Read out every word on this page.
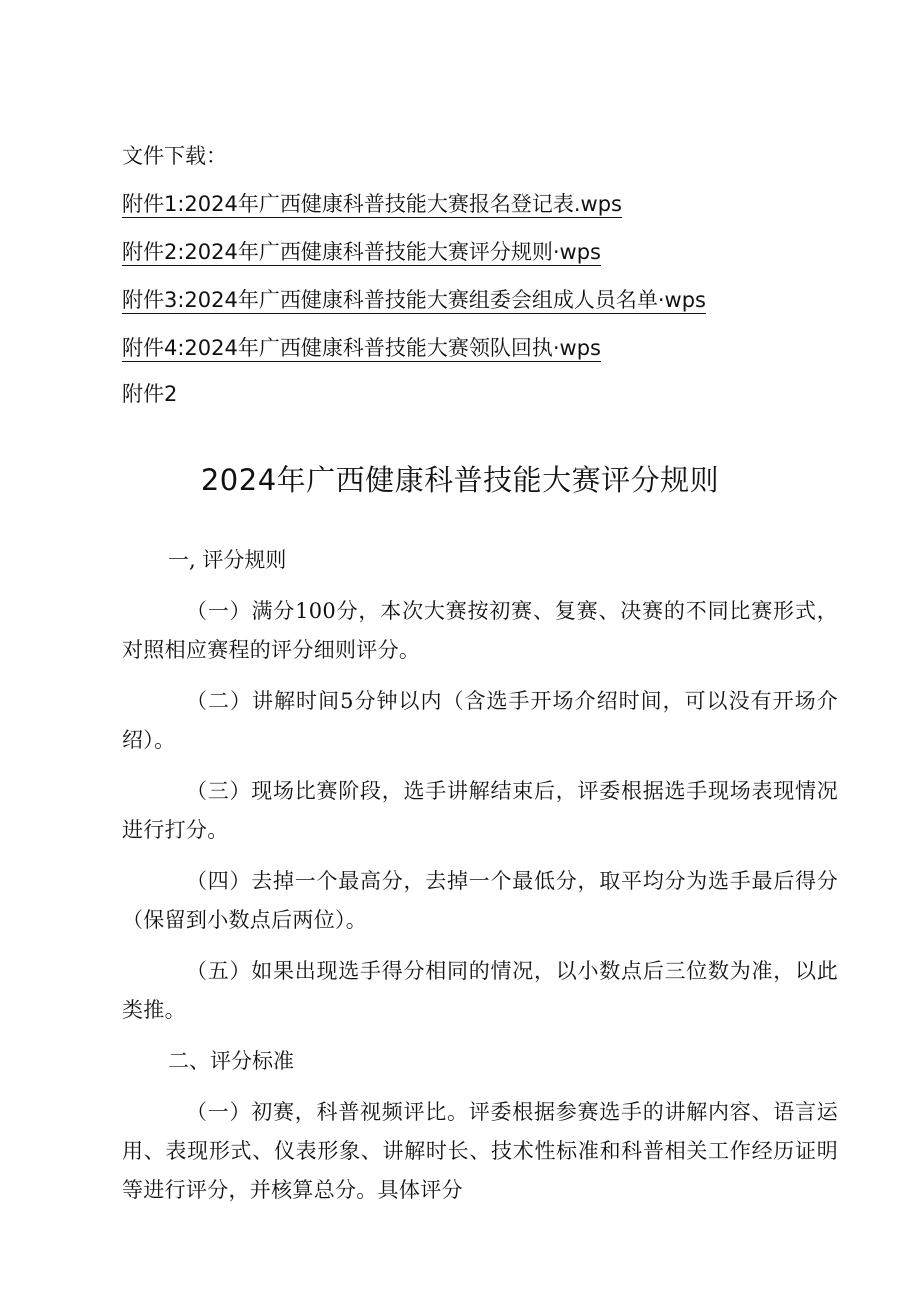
文件下载：
附件1:2024年广西健康科普技能大赛报名登记表.wps
附件2:2024年广西健康科普技能大赛评分规则·wps
附件3:2024年广西健康科普技能大赛组委会组成人员名单·wps
附件4:2024年广西健康科普技能大赛领队回执·wps
附件2
2024年广西健康科普技能大赛评分规则

一, 评分规则

（一）满分100分，本次大赛按初赛、复赛、决赛的不同比赛形式，对照相应赛程的评分细则评分。

（二）讲解时间5分钟以内（含选手开场介绍时间，可以没有开场介绍）。

（三）现场比赛阶段，选手讲解结束后，评委根据选手现场表现情况进行打分。

（四）去掉一个最高分，去掉一个最低分，取平均分为选手最后得分（保留到小数点后两位）。

（五）如果出现选手得分相同的情况，以小数点后三位数为准，以此类推。

二、评分标准

（一）初赛，科普视频评比。评委根据参赛选手的讲解内容、语言运用、表现形式、仪表形象、讲解时长、技术性标准和科普相关工作经历证明等进行评分，并核算总分。具体评分
